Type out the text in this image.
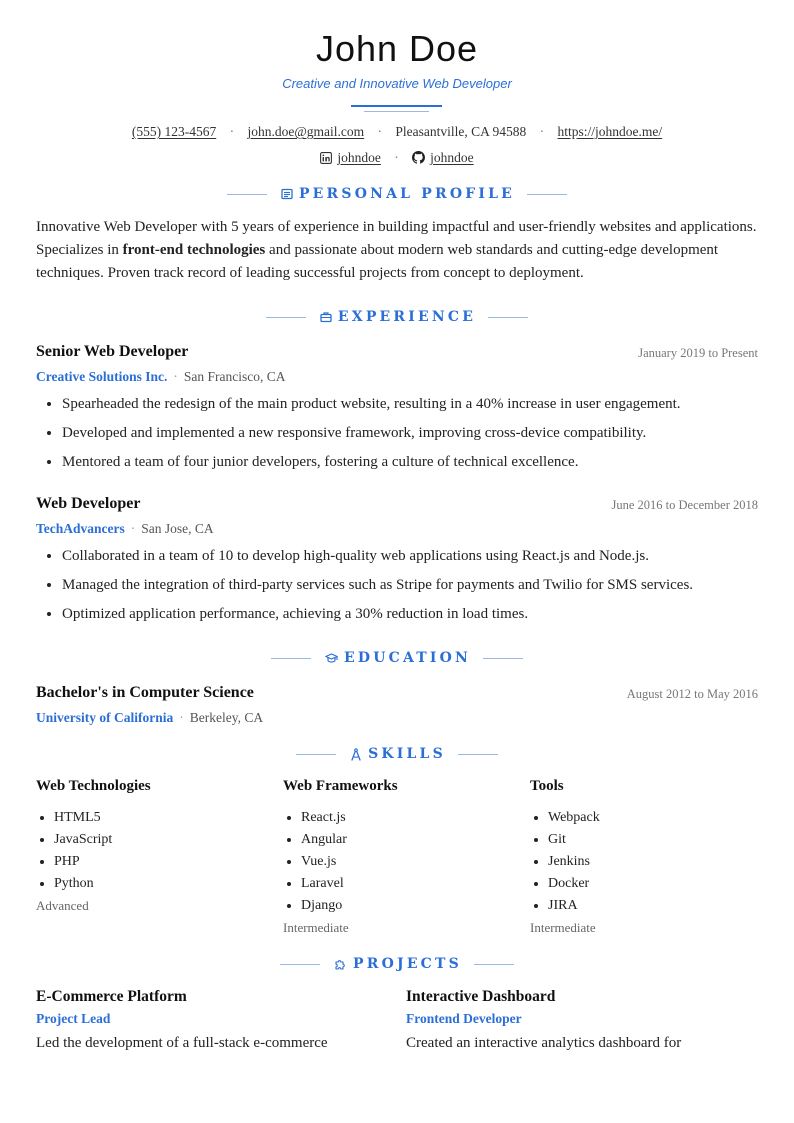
John Doe
Creative and Innovative Web Developer
(555) 123-4567 · john.doe@gmail.com · Pleasantville, CA 94588 · https://johndoe.me/
johndoe · johndoe
PERSONAL PROFILE
Innovative Web Developer with 5 years of experience in building impactful and user-friendly websites and applications. Specializes in front-end technologies and passionate about modern web standards and cutting-edge development techniques. Proven track record of leading successful projects from concept to deployment.
EXPERIENCE
Senior Web Developer	January 2019 to Present
Creative Solutions Inc. · San Francisco, CA
• Spearheaded the redesign of the main product website, resulting in a 40% increase in user engagement.
• Developed and implemented a new responsive framework, improving cross-device compatibility.
• Mentored a team of four junior developers, fostering a culture of technical excellence.
Web Developer	June 2016 to December 2018
TechAdvancers · San Jose, CA
• Collaborated in a team of 10 to develop high-quality web applications using React.js and Node.js.
• Managed the integration of third-party services such as Stripe for payments and Twilio for SMS services.
• Optimized application performance, achieving a 30% reduction in load times.
EDUCATION
Bachelor's in Computer Science	August 2012 to May 2016
University of California · Berkeley, CA
SKILLS
Web Technologies
• HTML5
• JavaScript
• PHP
• Python
Advanced
Web Frameworks
• React.js
• Angular
• Vue.js
• Laravel
• Django
Intermediate
Tools
• Webpack
• Git
• Jenkins
• Docker
• JIRA
Intermediate
PROJECTS
E-Commerce Platform
Project Lead
Led the development of a full-stack e-commerce
Interactive Dashboard
Frontend Developer
Created an interactive analytics dashboard for
